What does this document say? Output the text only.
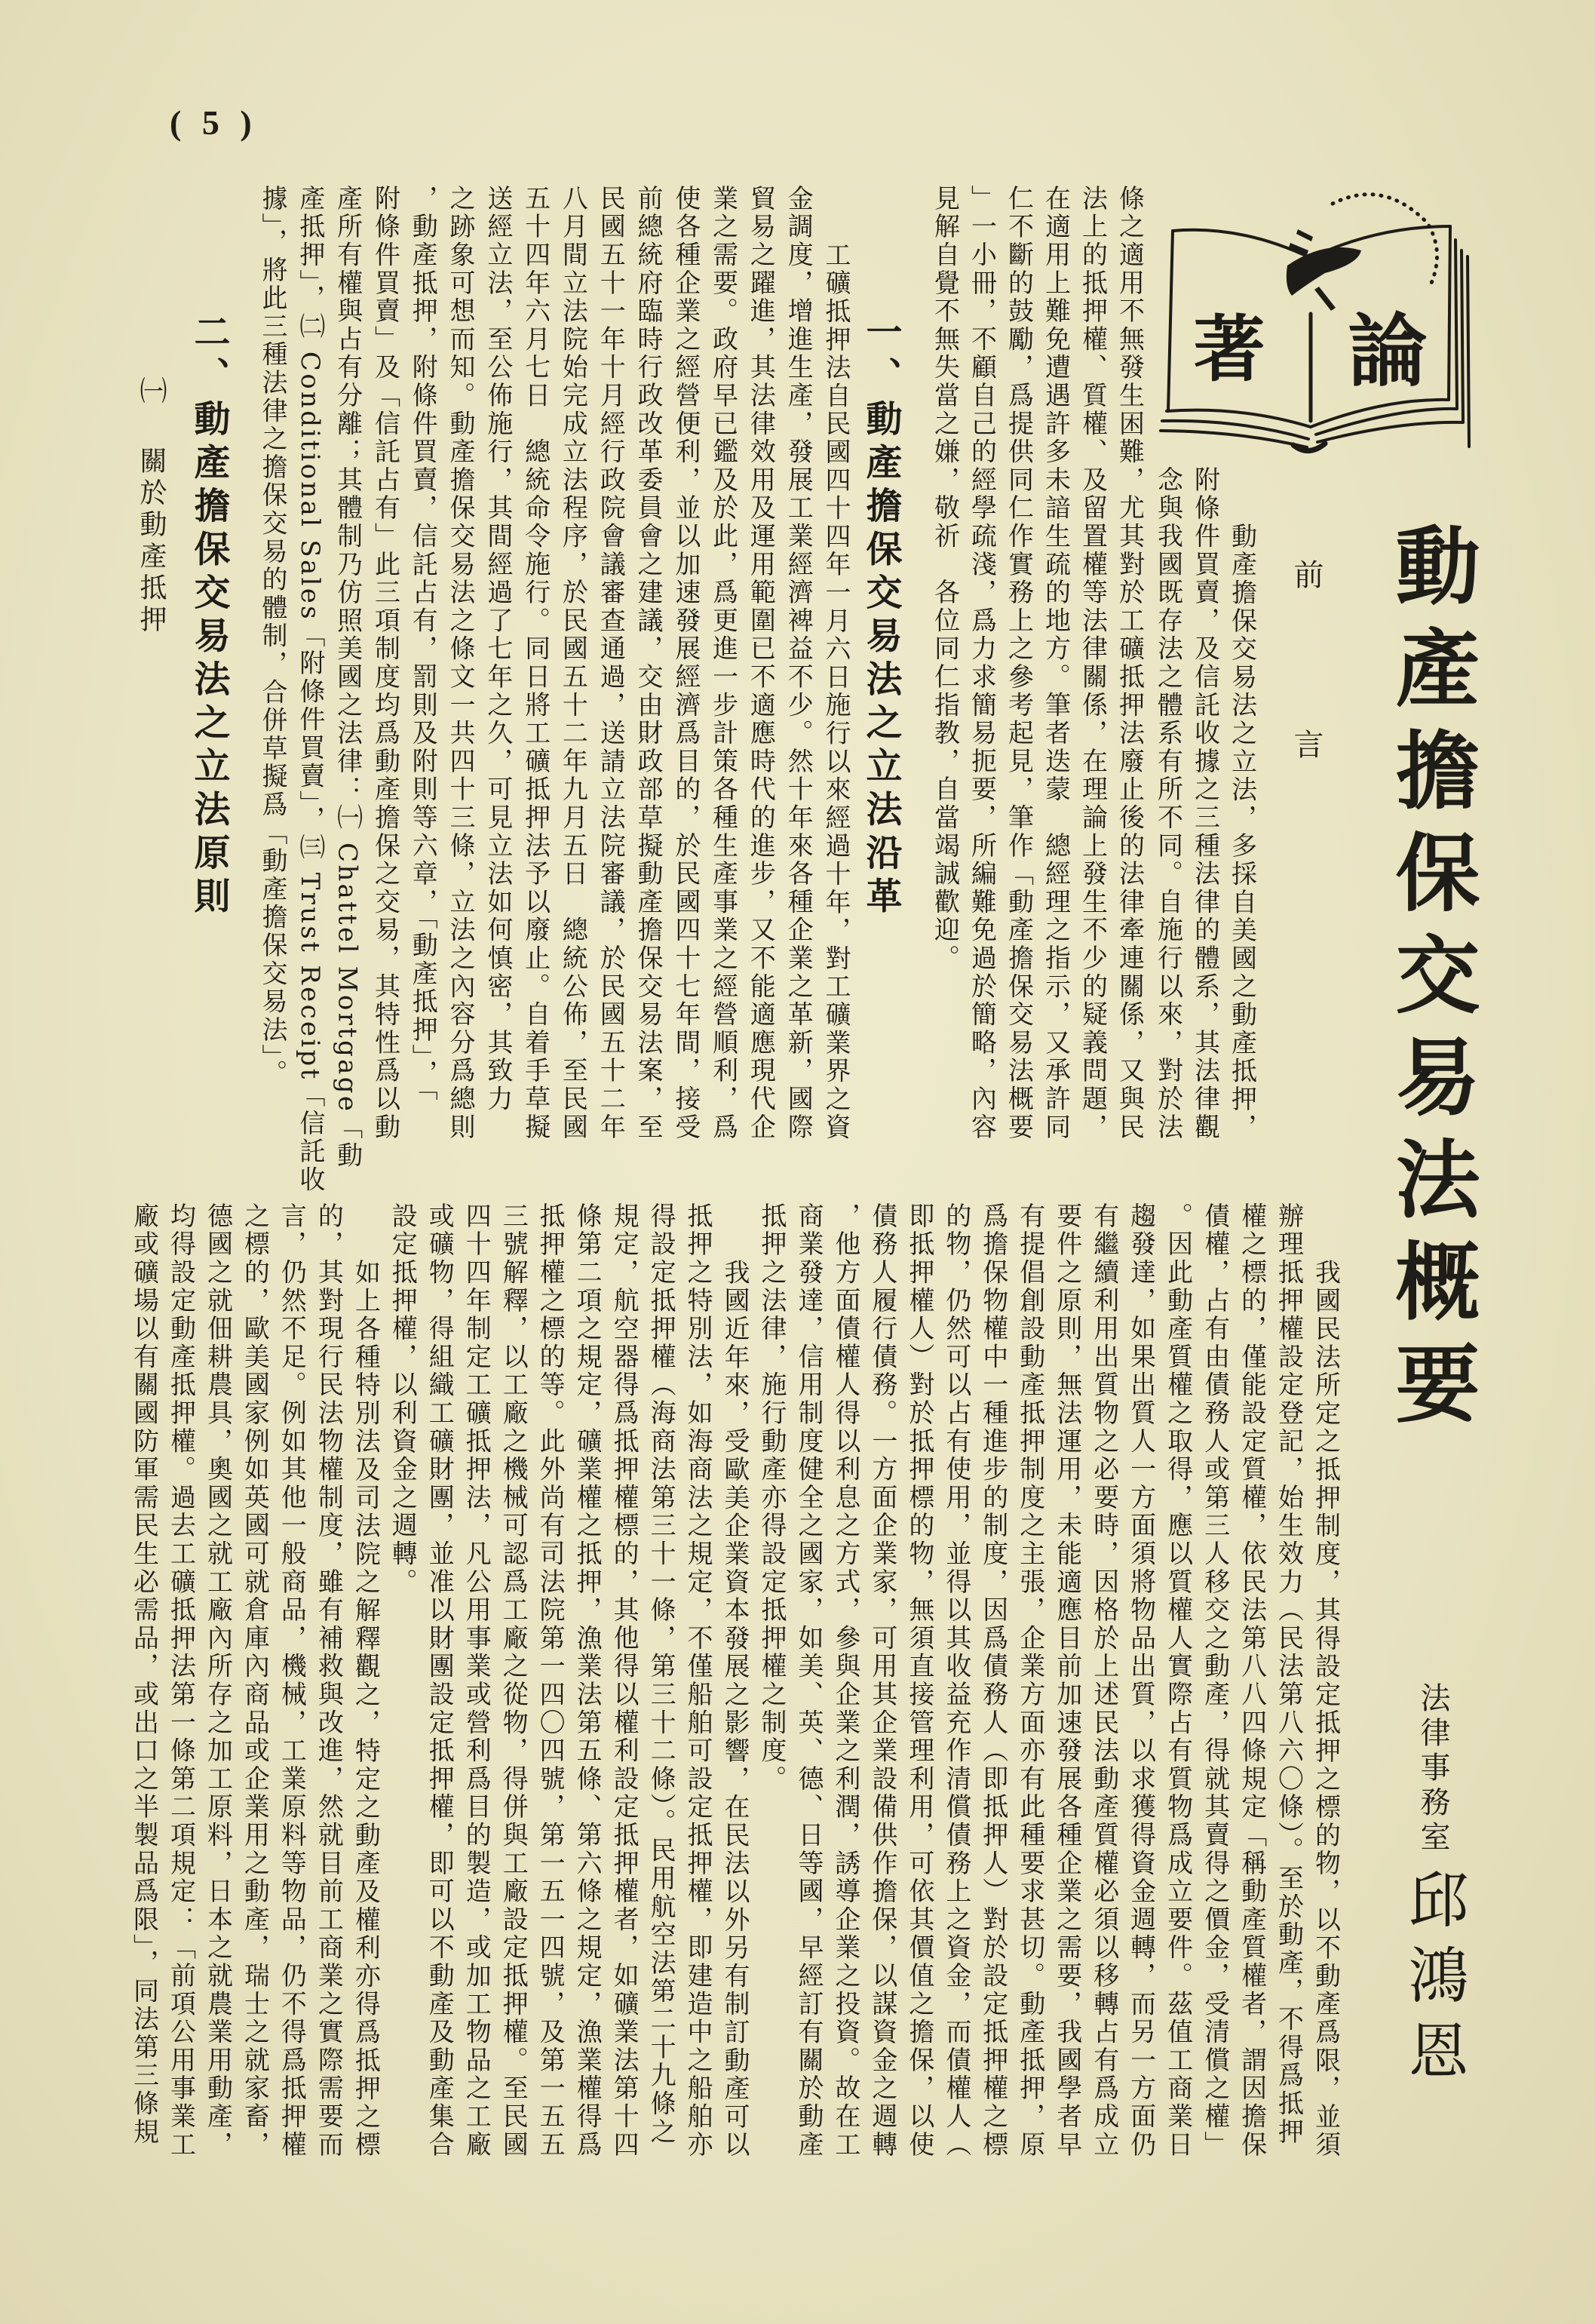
( 5 )
論
著
動產擔保交易法概要
法律事務室
邱鴻恩
前
言
動產擔保交易法之立法，多採自美國之動產抵押，
附條件買賣，及信託收據之三種法律的體系，其法律觀
念與我國既存法之體系有所不同。自施行以來，對於法
條之適用不無發生困難，尤其對於工礦抵押法廢止後的法律牽連關係，又與民
法上的抵押權、質權、及留置權等法律關係，在理論上發生不少的疑義問題，
在適用上難免遭遇許多未諳生疏的地方。筆者迭蒙　總經理之指示，又承許同
仁不斷的鼓勵，爲提供同仁作實務上之參考起見，筆作「動產擔保交易法概要
」一小冊，不顧自己的經學疏淺，爲力求簡易扼要，所編難免過於簡略，內容
見解自覺不無失當之嫌，敬祈　各位同仁指教，自當竭誠歡迎。
一、動產擔保交易法之立法沿革
工礦抵押法自民國四十四年一月六日施行以來經過十年，對工礦業界之資
金調度，增進生產，發展工業經濟裨益不少。然十年來各種企業之革新，國際
貿易之躍進，其法律效用及運用範圍已不適應時代的進步，又不能適應現代企
業之需要。政府早已鑑及於此，爲更進一步計策各種生產事業之經營順利，爲
使各種企業之經營便利，並以加速發展經濟爲目的，於民國四十七年間，接受
前總統府臨時行政改革委員會之建議，交由財政部草擬動產擔保交易法案，至
民國五十一年十月經行政院會議審查通過，送請立法院審議，於民國五十二年
八月間立法院始完成立法程序，於民國五十二年九月五日　總統公佈，至民國
五十四年六月七日　總統命令施行。同日將工礦抵押法予以廢止。自着手草擬
送經立法，至公佈施行，其間經過了七年之久，可見立法如何慎密，其致力
之跡象可想而知。動產擔保交易法之條文一共四十三條，立法之內容分爲總則
，動產抵押，附條件買賣，信託占有，罰則及附則等六章，「動產抵押」，「
附條件買賣」及「信託占有」此三項制度均爲動產擔保之交易，其特性爲以動
產所有權與占有分離；其體制乃仿照美國之法律：㈠ Chattel Mortgage「動
產抵押」，㈡ Conditional Sales「附條件買賣」，㈢ Trust Receipt「信託收
據」，將此三種法律之擔保交易的體制，合併草擬爲「動產擔保交易法」。
二、動產擔保交易法之立法原則
㈠
關於動產抵押
我國民法所定之抵押制度，其得設定抵押之標的物，以不動產爲限，並須
辦理抵押權設定登記，始生效力（民法第八六〇條）。至於動產，不得爲抵押
權之標的，僅能設定質權，依民法第八八四條規定「稱動產質權者，謂因擔保
債權，占有由債務人或第三人移交之動產，得就其賣得之價金，受清償之權」
。因此動產質權之取得，應以質權人實際占有質物爲成立要件。茲值工商業日
趨發達，如果出質人一方面須將物品出質，以求獲得資金週轉，而另一方面仍
有繼續利用出質物之必要時，因格於上述民法動產質權必須以移轉占有爲成立
要件之原則，無法運用，未能適應目前加速發展各種企業之需要，我國學者早
有提倡創設動產抵押制度之主張，企業方面亦有此種要求甚切。動產抵押，原
爲擔保物權中一種進步的制度，因爲債務人（即抵押人）對於設定抵押權之標
的物，仍然可以占有使用，並得以其收益充作清償債務上之資金，而債權人（
即抵押權人）對於抵押標的物，無須直接管理利用，可依其價值之擔保，以使
債務人履行債務。一方面企業家，可用其企業設備供作擔保，以謀資金之週轉
，他方面債權人得以利息之方式，參與企業之利潤，誘導企業之投資。故在工
商業發達，信用制度健全之國家，如美、英、德、日等國，早經訂有關於動產
抵押之法律，施行動產亦得設定抵押權之制度。
我國近年來，受歐美企業資本發展之影響，在民法以外另有制訂動產可以
抵押之特別法，如海商法之規定，不僅船舶可設定抵押權，即建造中之船舶亦
得設定抵押權（海商法第三十一條，第三十二條）。民用航空法第二十九條之
規定，航空器得爲抵押權標的，其他得以權利設定抵押權者，如礦業法第十四
條第二項之規定，礦業權之抵押，漁業法第五條、第六條之規定，漁業權得爲
抵押權之標的等。此外尚有司法院第一四〇四號，第一五一四號，及第一五五
三號解釋，以工廠之機械可認爲工廠之從物，得併與工廠設定抵押權。至民國
四十四年制定工礦抵押法，凡公用事業或營利爲目的製造，或加工物品之工廠
或礦物，得組織工礦財團，並准以財團設定抵押權，即可以不動產及動產集合
設定抵押權，以利資金之週轉。
如上各種特別法及司法院之解釋觀之，特定之動產及權利亦得爲抵押之標
的，其對現行民法物權制度，雖有補救與改進，然就目前工商業之實際需要而
言，仍然不足。例如其他一般商品，機械，工業原料等物品，仍不得爲抵押權
之標的，歐美國家例如英國可就倉庫內商品或企業用之動產，瑞士之就家畜，
德國之就佃耕農具，奧國之就工廠內所存之加工原料，日本之就農業用動產，
均得設定動產抵押權。過去工礦抵押法第一條第二項規定：「前項公用事業工
廠或礦場以有關國防軍需民生必需品，或出口之半製品爲限」，同法第三條規
